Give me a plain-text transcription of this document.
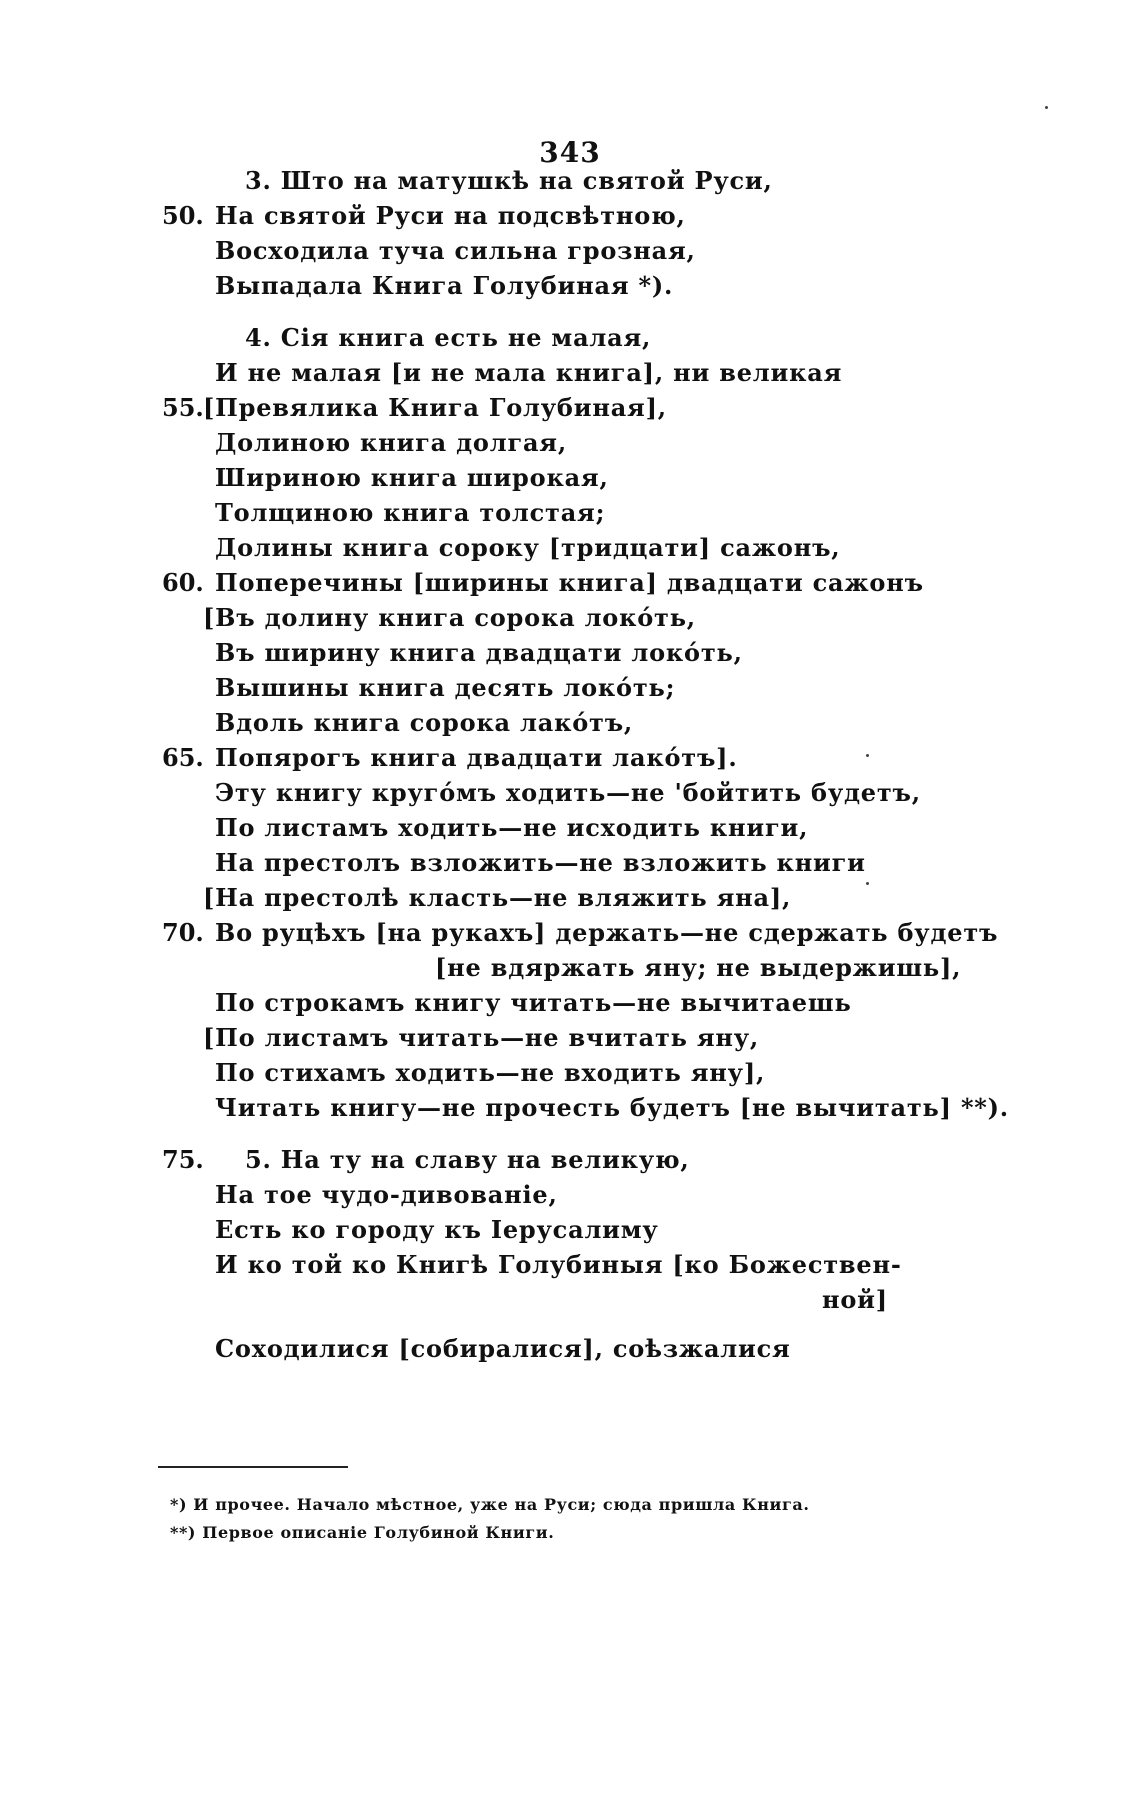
343
3. Што на матушкѣ на святой Руси,
50. На святой Руси на подсвѣтною,
Восходила туча сильна грозная,
Выпадала Книга Голубиная *).
4. Сія книга есть не малая,
И не малая [и не мала книга], ни великая
55. [Превялика Книга Голубиная],
Долиною книга долгая,
Шириною книга широкая,
Толщиною книга толстая;
Долины книга сороку [тридцати] сажонъ,
60. Поперечины [ширины книга] двадцати сажонъ
[Въ долину книга сорока локо́ть,
Въ ширину книга двадцати локо́ть,
Вышины книга десять локо́ть;
Вдоль книга сорока лако́тъ,
65. Попярогъ книга двадцати лако́тъ].
Эту книгу круго́мъ ходить—не 'бойтить будетъ,
По листамъ ходить—не исходить книги,
На престолъ взложить—не взложить книги
[На престолѣ класть—не вляжить яна],
70. Во руцѣхъ [на рукахъ] держать—не сдержать будетъ
[не вдяржать яну; не выдержишь],
По строкамъ книгу читать—не вычитаешь
[По листамъ читать—не вчитать яну,
По стихамъ ходить—не входить яну],
Читать книгу—не прочесть будетъ [не вычитать] **).
75. 5. На ту на славу на великую,
На тое чудо-дивованіе,
Есть ко городу къ Іерусалиму
И ко той ко Книгѣ Голубиныя [ко Божествен-
ной]
Соходилися [собиралися], соѣзжалися
*) И прочее. Начало мѣстное, уже на Руси; сюда пришла Книга.
**) Первое описаніе Голубиной Книги.
